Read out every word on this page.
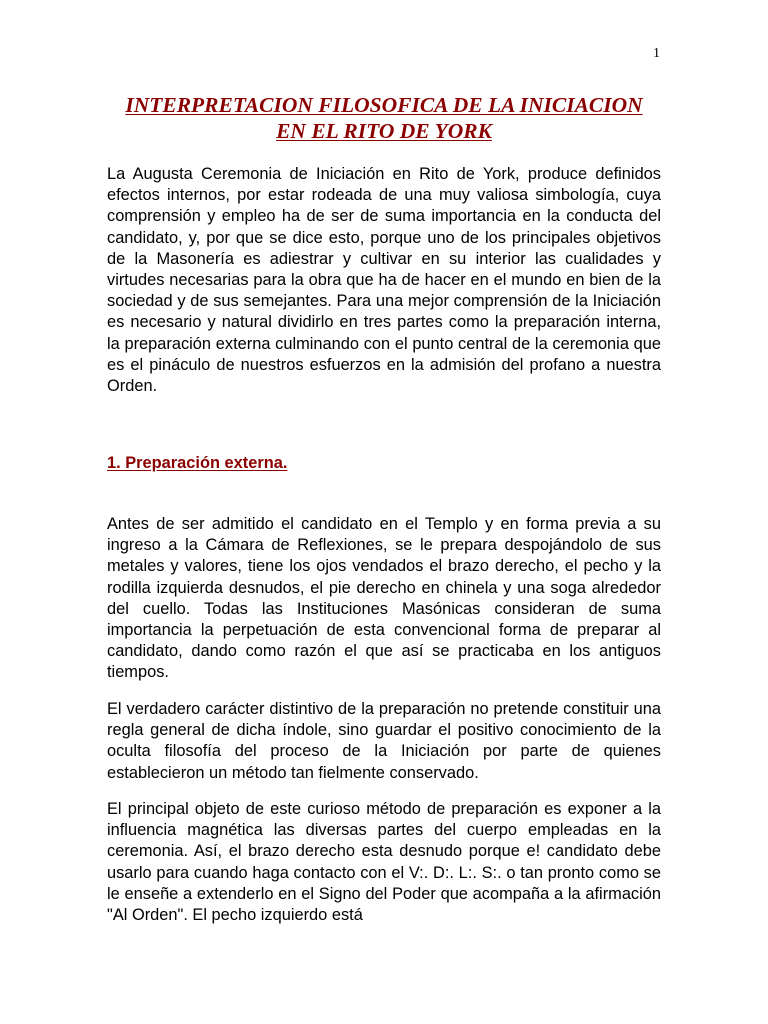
1
INTERPRETACION FILOSOFICA DE LA INICIACION
EN EL RITO DE YORK

La Augusta Ceremonia de Iniciación en Rito de York, produce definidos efectos internos, por estar rodeada de una muy valiosa simbología, cuya comprensión y empleo ha de ser de suma importancia en la conducta del candidato, y, por que se dice esto, porque uno de los principales objetivos de la Masonería es adiestrar y cultivar en su interior las cualidades y virtudes necesarias para la obra que ha de hacer en el mundo en bien de la sociedad y de sus semejantes. Para una mejor comprensión de la Iniciación es necesario y natural dividirlo en tres partes como la preparación interna, la preparación externa culminando con el punto central de la ceremonia que es el pináculo de nuestros esfuerzos en la admisión del profano a nuestra Orden.

1. Preparación externa.

Antes de ser admitido el candidato en el Templo y en forma previa a su ingreso a la Cámara de Reflexiones, se le prepara despojándolo de sus metales y valores, tiene los ojos vendados el brazo derecho, el pecho y la rodilla izquierda desnudos, el pie derecho en chinela y una soga alrededor del cuello. Todas las Instituciones Masónicas consideran de suma importancia la perpetuación de esta convencional forma de preparar al candidato, dando como razón el que así se practicaba en los antiguos tiempos.

El verdadero carácter distintivo de la preparación no pretende constituir una regla general de dicha índole, sino guardar el positivo conocimiento de la oculta filosofía del proceso de la Iniciación por parte de quienes establecieron un método tan fielmente conservado.

El principal objeto de este curioso método de preparación es exponer a la influencia magnética las diversas partes del cuerpo empleadas en la ceremonia. Así, el brazo derecho esta desnudo porque e! candidato debe usarlo para cuando haga contacto con el V:. D:. L:. S:. o tan pronto como se le enseñe a extenderlo en el Signo del Poder que acompaña a la afirmación "Al Orden". El pecho izquierdo está
